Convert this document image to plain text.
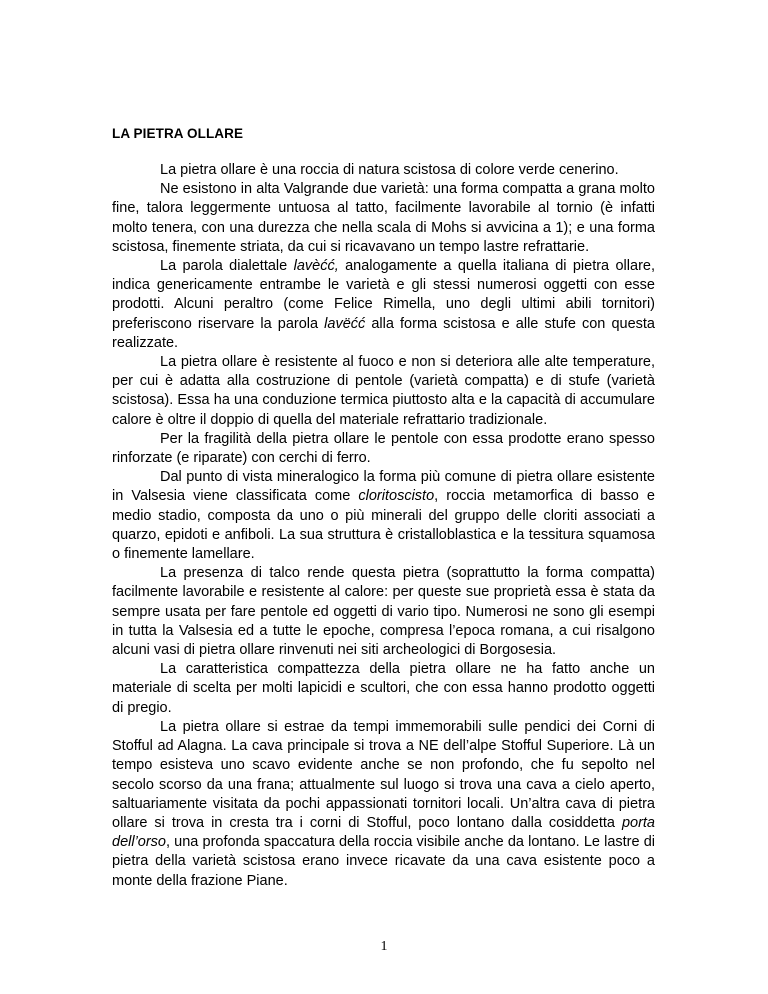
LA PIETRA OLLARE

La pietra ollare è una roccia di natura scistosa di colore verde cenerino.

Ne esistono in alta Valgrande due varietà: una forma compatta a grana molto fine, talora leggermente untuosa al tatto, facilmente lavorabile al tornio (è infatti molto tenera, con una durezza che nella scala di Mohs si avvicina a 1); e una forma scistosa, finemente striata, da cui si ricavavano un tempo lastre refrattarie.

La parola dialettale lavèćć, analogamente a quella italiana di pietra ollare, indica genericamente entrambe le varietà e gli stessi numerosi oggetti con esse prodotti. Alcuni peraltro (come Felice Rimella, uno degli ultimi abili tornitori) preferiscono riservare la parola lavëćć alla forma scistosa e alle stufe con questa realizzate.

La pietra ollare è resistente al fuoco e non si deteriora alle alte temperature, per cui è adatta alla costruzione di pentole (varietà compatta) e di stufe (varietà scistosa). Essa ha una conduzione termica piuttosto alta e la capacità di accumulare calore è oltre il doppio di quella del materiale refrattario tradizionale.

Per la fragilità della pietra ollare le pentole con essa prodotte erano spesso rinforzate (e riparate) con cerchi di ferro.

Dal punto di vista mineralogico la forma più comune di pietra ollare esistente in Valsesia viene classificata come cloritoscisto, roccia metamorfica di basso e medio stadio, composta da uno o più minerali del gruppo delle cloriti associati a quarzo, epidoti e anfiboli. La sua struttura è cristalloblastica e la tessitura squamosa o finemente lamellare.

La presenza di talco rende questa pietra (soprattutto la forma compatta) facilmente lavorabile e resistente al calore: per queste sue proprietà essa è stata da sempre usata per fare pentole ed oggetti di vario tipo. Numerosi ne sono gli esempi in tutta la Valsesia ed a tutte le epoche, compresa l’epoca romana, a cui risalgono alcuni vasi di pietra ollare rinvenuti nei siti archeologici di Borgosesia.

La caratteristica compattezza della pietra ollare ne ha fatto anche un materiale di scelta per molti lapicidi e scultori, che con essa hanno prodotto oggetti di pregio.

La pietra ollare si estrae da tempi immemorabili sulle pendici dei Corni di Stofful ad Alagna. La cava principale si trova a NE dell’alpe Stofful Superiore. Là un tempo esisteva uno scavo evidente anche se non profondo, che fu sepolto nel secolo scorso da una frana; attualmente sul luogo si trova una cava a cielo aperto, saltuariamente visitata da pochi appassionati tornitori locali. Un’altra cava di pietra ollare si trova in cresta tra i corni di Stofful, poco lontano dalla cosiddetta porta dell’orso, una profonda spaccatura della roccia visibile anche da lontano. Le lastre di pietra della varietà scistosa erano invece ricavate da una cava esistente poco a monte della frazione Piane.

1
